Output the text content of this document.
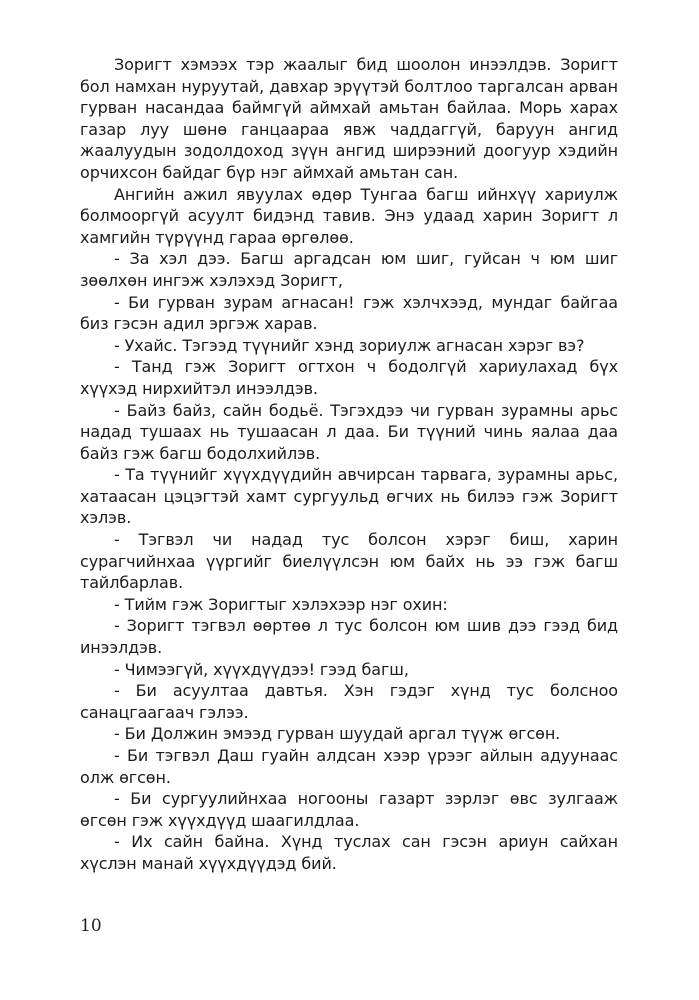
Зоригт хэмээх тэр жаалыг бид шоолон инээлдэв. Зоригт бол намхан нуруутай, давхар эрүүтэй болтлоо таргалсан арван гурван насандаа баймгүй аймхай амьтан байлаа. Морь харах газар луу шөнө ганцаараа явж чаддаггүй, баруун ангид жаалуудын зодолдоход зүүн ангид ширээний доогуур хэдийн орчихсон байдаг бүр нэг аймхай амьтан сан.

Ангийн ажил явуулах өдөр Тунгаа багш ийнхүү хариулж болмооргүй асуулт бидэнд тавив. Энэ удаад харин Зоригт л хамгийн түрүүнд гараа өргөлөө.

- За хэл дээ. Багш аргадсан юм шиг, гуйсан ч юм шиг зөөлхөн ингэж хэлэхэд Зоригт,

- Би гурван зурам агнасан! гэж хэлчхээд, мундаг байгаа биз гэсэн адил эргэж харав.

- Ухайс. Тэгээд түүнийг хэнд зориулж агнасан хэрэг вэ?

- Танд гэж Зоригт огтхон ч бодолгүй хариулахад бүх хүүхэд нирхийтэл инээлдэв.

- Байз байз, сайн бодьё. Тэгэхдээ чи гурван зурамны арьс надад тушаах нь тушаасан л даа. Би түүний чинь яалаа даа байз гэж багш бодолхийлэв.

- Та түүнийг хүүхдүүдийн авчирсан тарвага, зурамны арьс, хатаасан цэцэгтэй хамт сургуульд өгчих нь билээ гэж Зоригт хэлэв.

- Тэгвэл чи надад тус болсон хэрэг биш, харин сурагчийнхаа үүргийг биелүүлсэн юм байх нь ээ гэж багш тайлбарлав.

- Тийм гэж Зоригтыг хэлэхээр нэг охин:

- Зоригт тэгвэл өөртөө л тус болсон юм шив дээ гээд бид инээлдэв.

- Чимээгүй, хүүхдүүдээ! гээд багш,

- Би асуултаа давтья. Хэн гэдэг хүнд тус болсноо санацгаагаач гэлээ.

- Би Должин эмээд гурван шуудай аргал түүж өгсөн.

- Би тэгвэл Даш гуайн алдсан хээр үрээг айлын адуунаас олж өгсөн.

- Би сургуулийнхаа ногооны газарт зэрлэг өвс зулгааж өгсөн гэж хүүхдүүд шаагилдлаа.

- Их сайн байна. Хүнд туслах сан гэсэн ариун сайхан хүслэн манай хүүхдүүдэд бий.

10
